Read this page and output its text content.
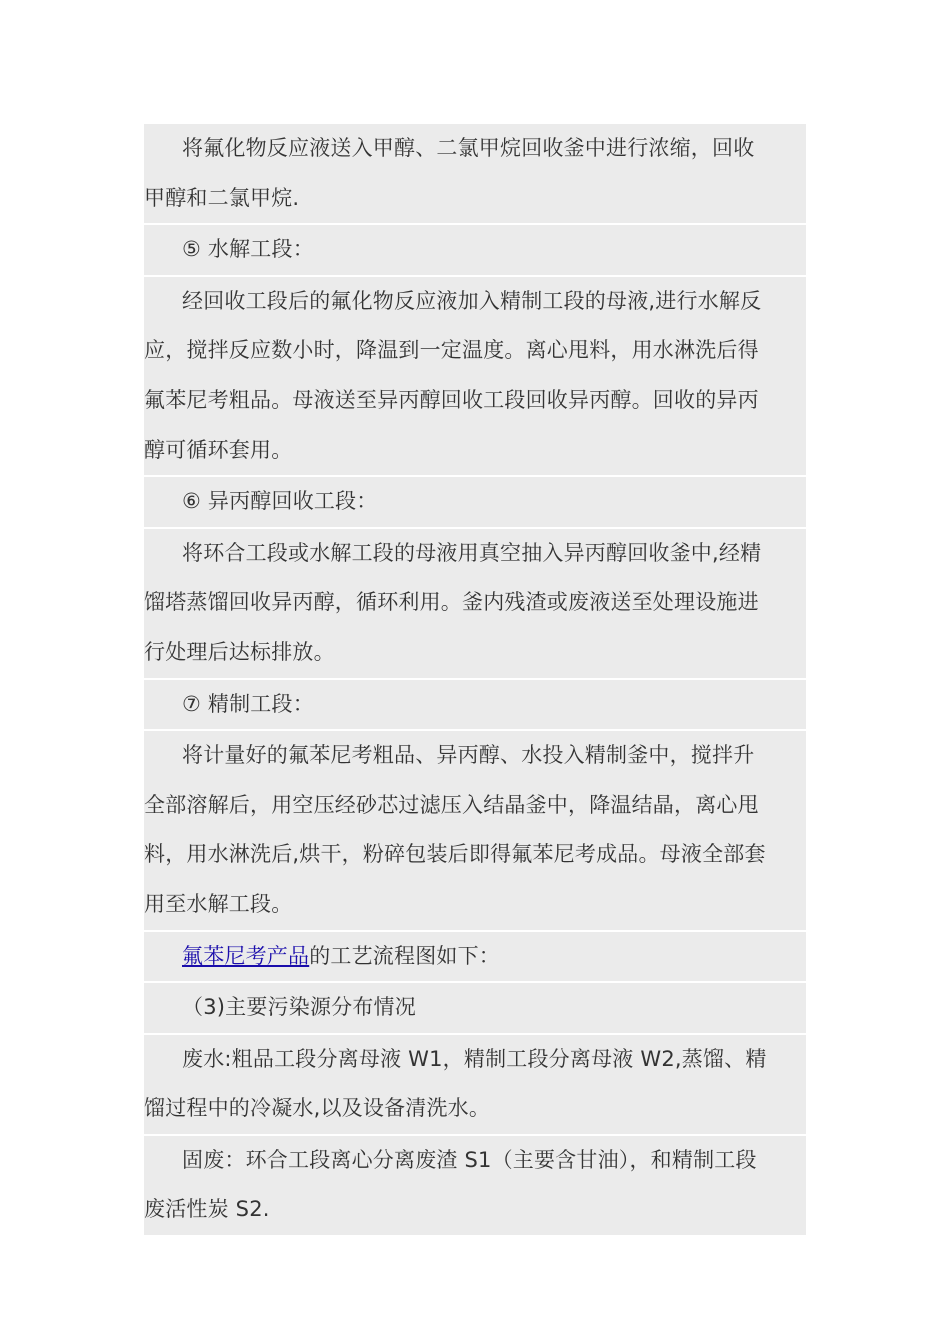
将氟化物反应液送入甲醇、二氯甲烷回收釜中进行浓缩，回收
甲醇和二氯甲烷.
⑤ 水解工段：
经回收工段后的氟化物反应液加入精制工段的母液,进行水解反
应，搅拌反应数小时，降温到一定温度。离心甩料，用水淋洗后得
氟苯尼考粗品。母液送至异丙醇回收工段回收异丙醇。回收的异丙
醇可循环套用。
⑥ 异丙醇回收工段：
将环合工段或水解工段的母液用真空抽入异丙醇回收釜中,经精
馏塔蒸馏回收异丙醇，循环利用。釜内残渣或废液送至处理设施进
行处理后达标排放。
⑦ 精制工段：
将计量好的氟苯尼考粗品、异丙醇、水投入精制釜中，搅拌升
全部溶解后，用空压经砂芯过滤压入结晶釜中，降温结晶，离心甩
料，用水淋洗后,烘干，粉碎包装后即得氟苯尼考成品。母液全部套
用至水解工段。
氟苯尼考产品的工艺流程图如下：
（3)主要污染源分布情况
废水:粗品工段分离母液 W1，精制工段分离母液 W2,蒸馏、精
馏过程中的冷凝水,以及设备清洗水。
固废：环合工段离心分离废渣 S1（主要含甘油），和精制工段
废活性炭 S2.
